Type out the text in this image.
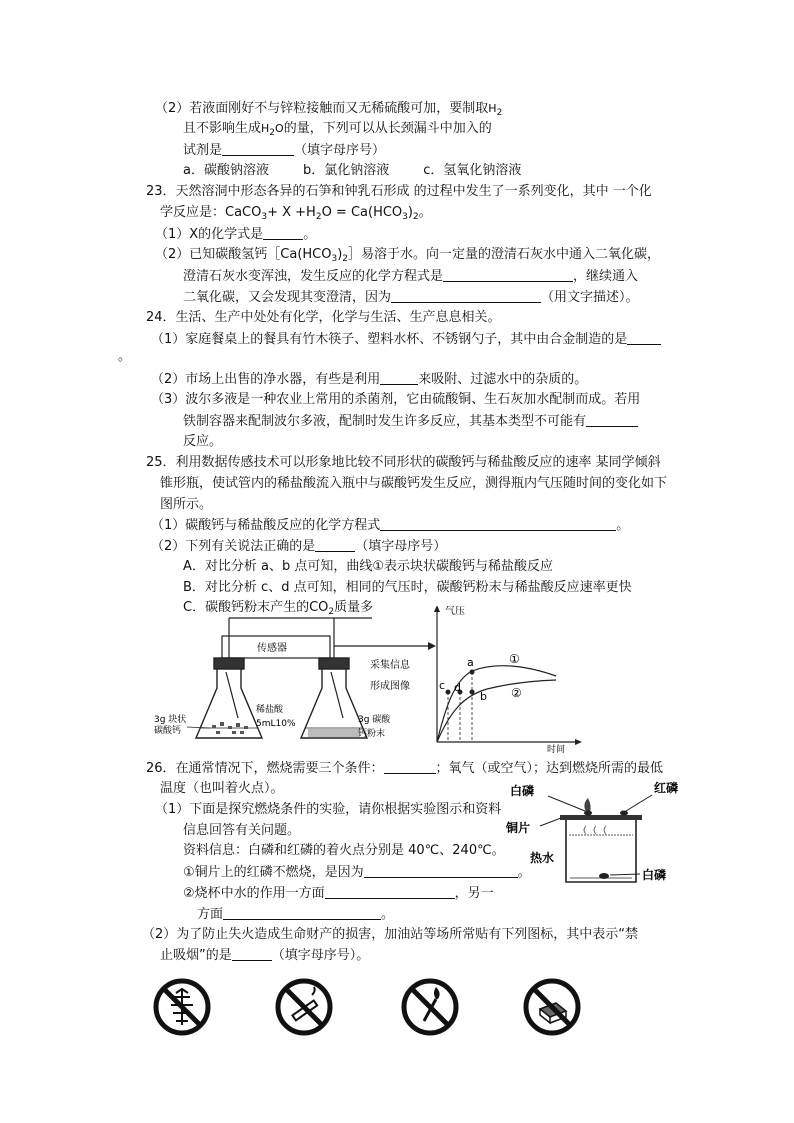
（2）若液面刚好不与锌粒接触而又无稀硫酸可加，要制取$H_2$
且不影响生成$H_2O$的量，下列可以从长颈漏斗中加入的
试剂是	（填字母序号）
a．碳酸钠溶液	b．氯化钠溶液	c．氢氧化钠溶液
23．天然溶洞中形态各异的石笋和钟乳石形成 的过程中发生了一系列变化，其中 一个化
学反应是：CaCO$_3$+ $X +H_2O = Ca(HCO_3)_2$。
（1）X的化学式是	。
（2）已知碳酸氢钙$[Ca(HCO_3)_2]$易溶于水。向一定量的澄清石灰水中通入二氧化碳，
澄清石灰水变浑浊，发生反应的化学方程式是	，继续通入
二氧化碳，又会发现其变澄清，因为	（用文字描述）。
24．生活、生产中处处有化学，化学与生活、生产息息相关。
（1）家庭餐桌上的餐具有竹木筷子、塑料水杯、不锈钢勺子，其中由合金制造的是
。
（2）市场上出售的净水器，有些是利用	来吸附、过滤水中的杂质的。
（3）波尔多液是一种农业上常用的杀菌剂，它由硫酸铜、生石灰加水配制而成。若用
铁制容器来配制波尔多液，配制时发生许多反应，其基本类型不可能有
反应。
25．利用数据传感技术可以形象地比较不同形状的碳酸钙与稀盐酸反应的速率 某同学倾斜
锥形瓶，使试管内的稀盐酸流入瓶中与碳酸钙发生反应，测得瓶内气压随时间的变化如下
图所示。
（1）碳酸钙与稀盐酸反应的化学方程式	。
（2）下列有关说法正确的是	（填字母序号）
A．对比分析 a、b 点可知，曲线①表示块状碳酸钙与稀盐酸反应
B．对比分析 c、d 点可知，相同的气压时，碳酸钙粉末与稀盐酸反应速率更快
C．碳酸钙粉末产生的$CO_2$质量多
传感器
采集信息
形成图像
3g 块状
碳酸钙
稀盐酸
5mL10%	3g 碳酸
钙粉末
气压
时间
a
b
c d
①
②
26．在通常情况下，燃烧需要三个条件：	；氧气（或空气）；达到燃烧所需的最低
温度（也叫着火点）。
（1）下面是探究燃烧条件的实验，请你根据实验图示和资料
信息回答有关问题。
资料信息：白磷和红磷的着火点分别是 40℃、240℃。
①铜片上的红磷不燃烧，是因为	。
②烧杯中水的作用一方面	，另一
方面	。
（2）为了防止失火造成生命财产的损害，加油站等场所常贴有下列图标，其中表示“禁
止吸烟”的是	（填字母序号）。
白磷	红磷
铜片
热水
白磷
